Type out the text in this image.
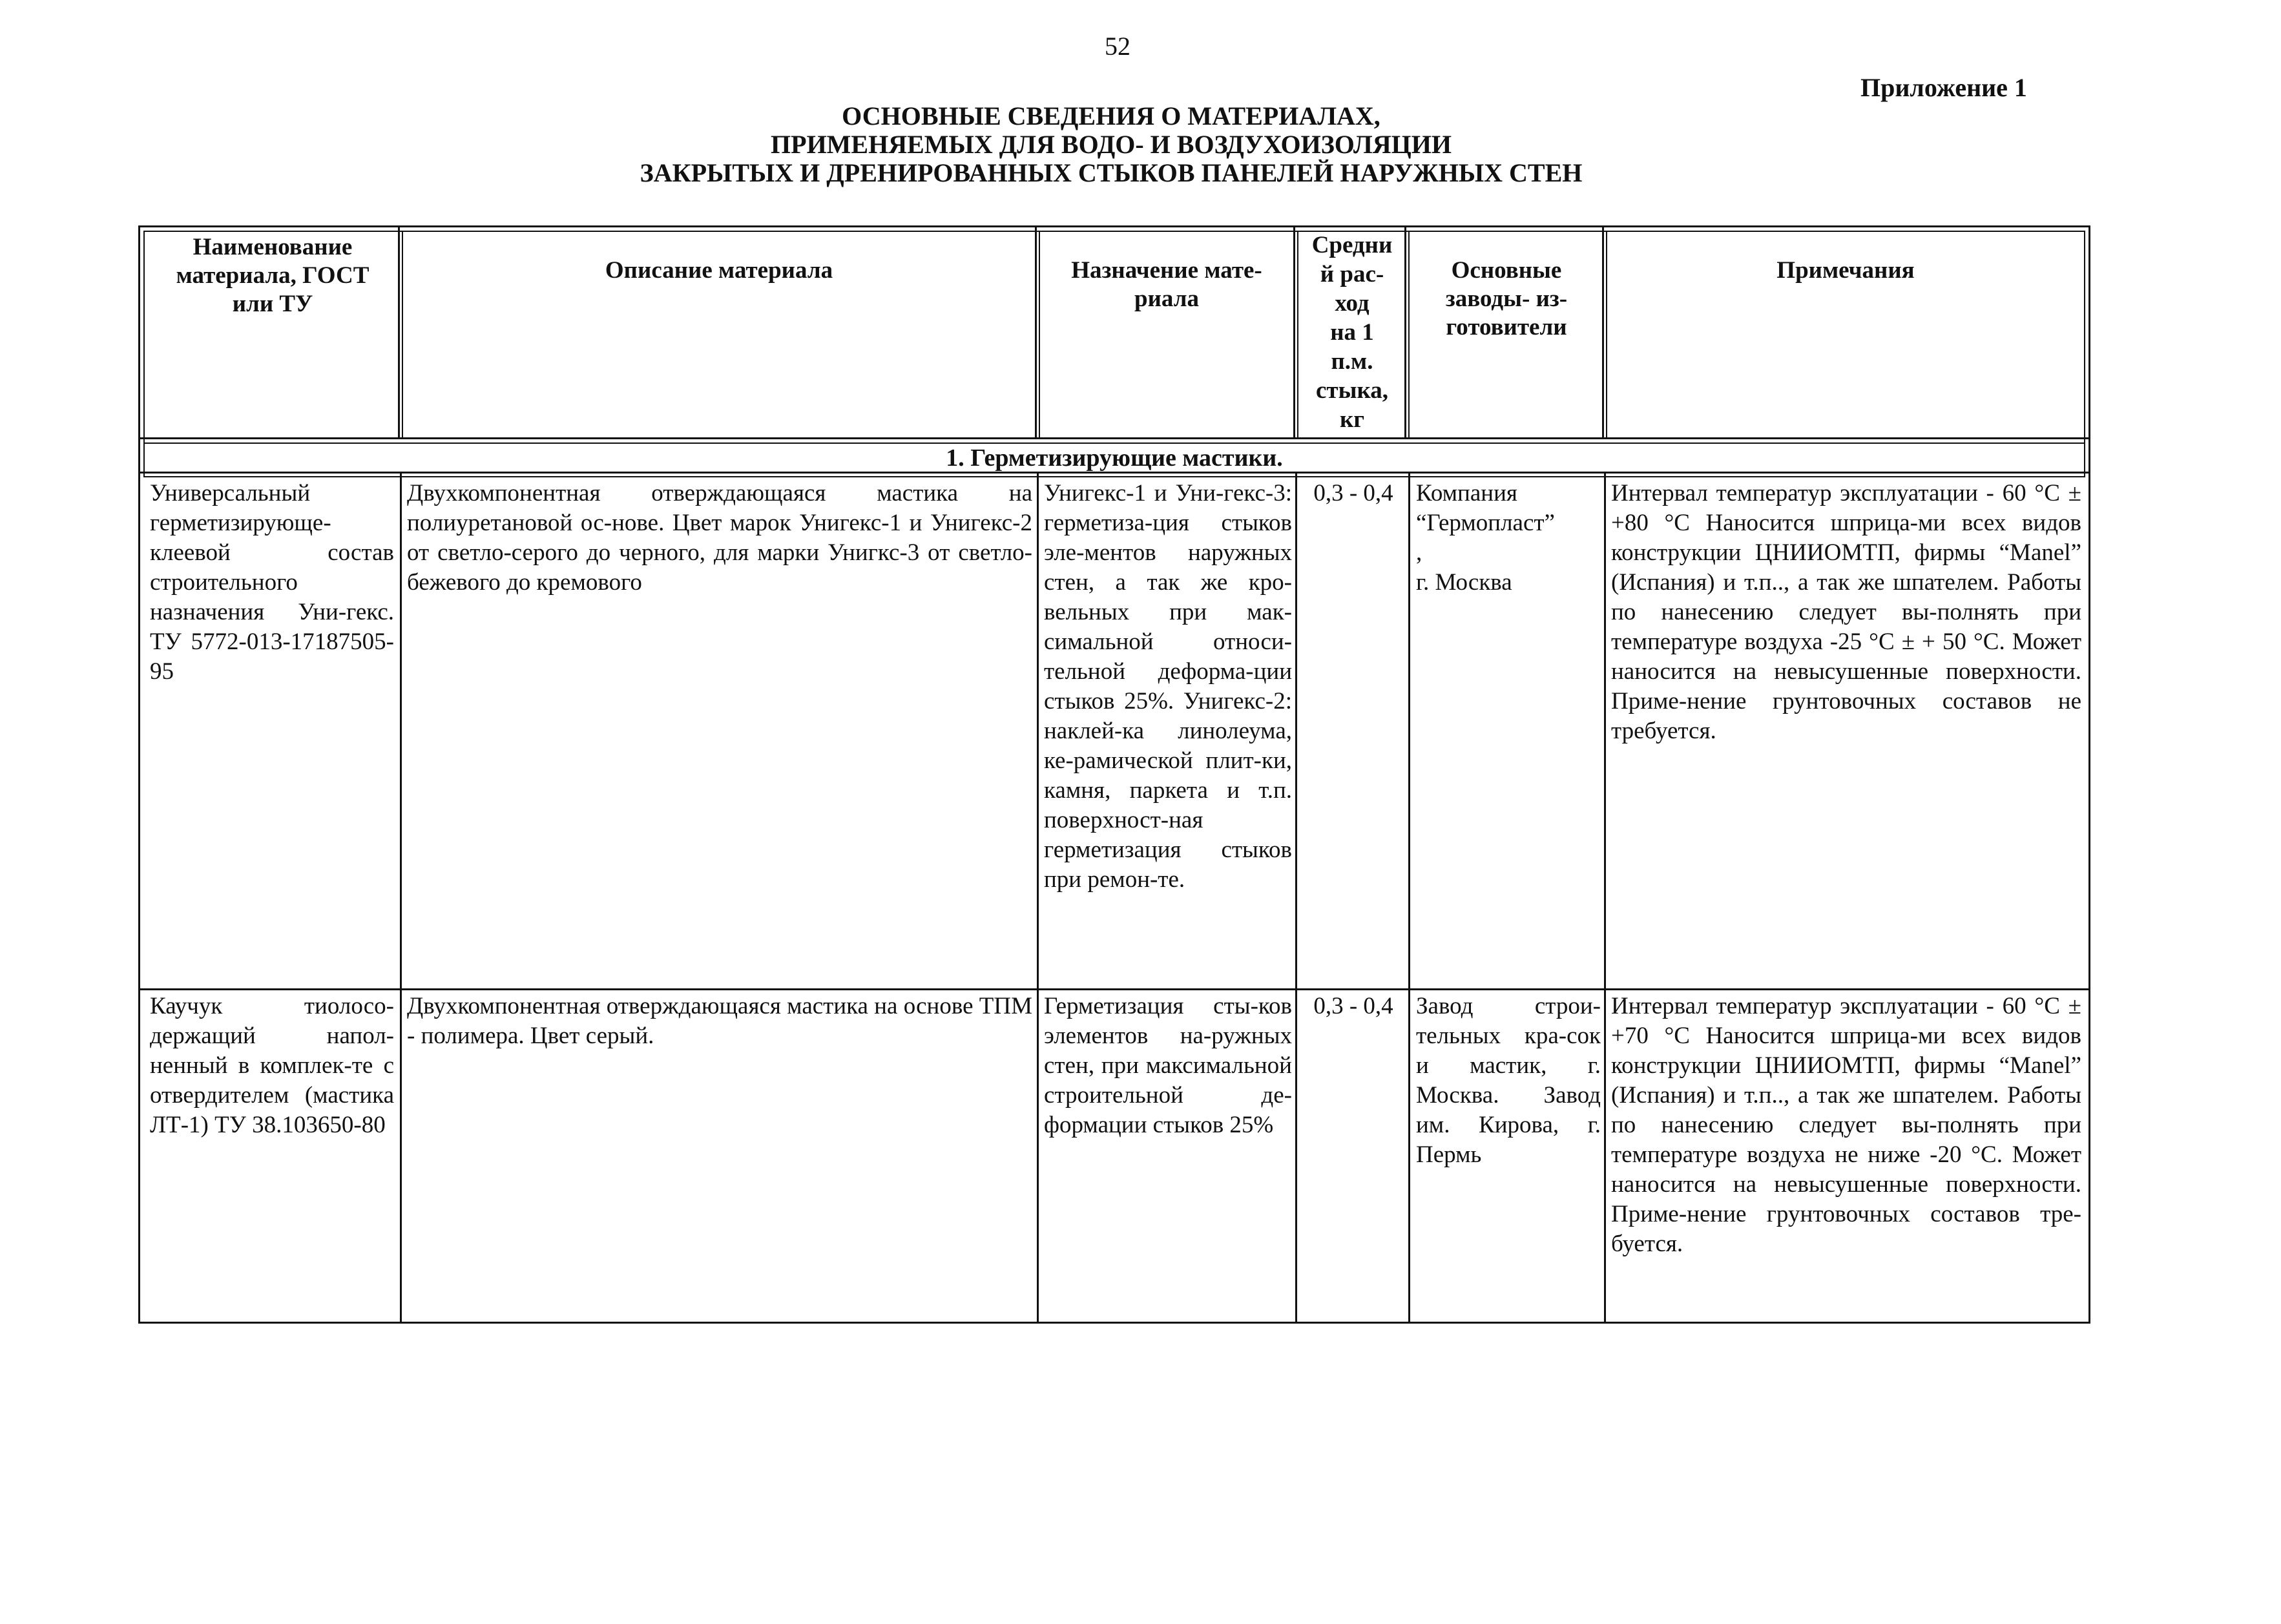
52
Приложение 1
ОСНОВНЫЕ СВЕДЕНИЯ О МАТЕРИАЛАХ,
ПРИМЕНЯЕМЫХ ДЛЯ ВОДО- И ВОЗДУХОИЗОЛЯЦИИ
ЗАКРЫТЫХ И ДРЕНИРОВАННЫХ СТЫКОВ ПАНЕЛЕЙ НАРУЖНЫХ СТЕН
Наименование
материала, ГОСТ
или ТУ
Описание материала	Назначение мате-
риала
Средни
й рас-
ход
на 1
п.м.
стыка,
кг
Основные
заводы- из-
готовители
Примечания
1. Герметизирующие мастики.
Универсальный герметизирующе-клеевой состав строительного назначения Уни-гекс. ТУ 5772-013-17187505-95
Двухкомпонентная отверждающаяся мастика на полиуретановой ос-нове. Цвет марок Унигекс-1 и Унигекс-2 от светло-серого до черного, для марки Унигкс-3 от светло-бежевого до кремового
Унигекс-1 и Уни-гекс-3: герметиза-ция стыков эле-ментов наружных стен, а так же кро-вельных при мак-симальной относи-тельной деформа-ции стыков 25%. Унигекс-2: наклей-ка линолеума, ке-рамической плит-ки, камня, паркета и т.п. поверхност-ная герметизация стыков при ремон-те.
0,3 - 0,4 Компания
“Гермопласт”
,
г. Москва
Интервал температур эксплуатации - 60 °С ± +80 °С Наносится шприца-ми всех видов конструкции ЦНИИОМТП, фирмы “Manel” (Испания) и т.п.., а так же шпателем. Работы по нанесению следует вы-полнять при температуре воздуха -25 °С ± + 50 °С. Может наносится на невысушенные поверхности. Приме-нение грунтовочных составов не требуется.
Каучук тиолосо-держащий напол-ненный в комплек-те с отвердителем (мастика ЛТ-1) ТУ 38.103650-80
Двухкомпонентная отверждающаяся мастика на основе ТПМ - полимера. Цвет серый.
Герметизация сты-ков элементов на-ружных стен, при максимальной строительной де-формации стыков 25%
0,3 - 0,4 Завод строи-тельных кра-сок и мастик, г. Москва. Завод им. Кирова, г. Пермь
Интервал температур эксплуатации - 60 °С ± +70 °С Наносится шприца-ми всех видов конструкции ЦНИИОМТП, фирмы “Manel” (Испания) и т.п.., а так же шпателем. Работы по нанесению следует вы-полнять при температуре воздуха не ниже -20 °С. Может наносится на невысушенные поверхности. Приме-нение грунтовочных составов тре-буется.
